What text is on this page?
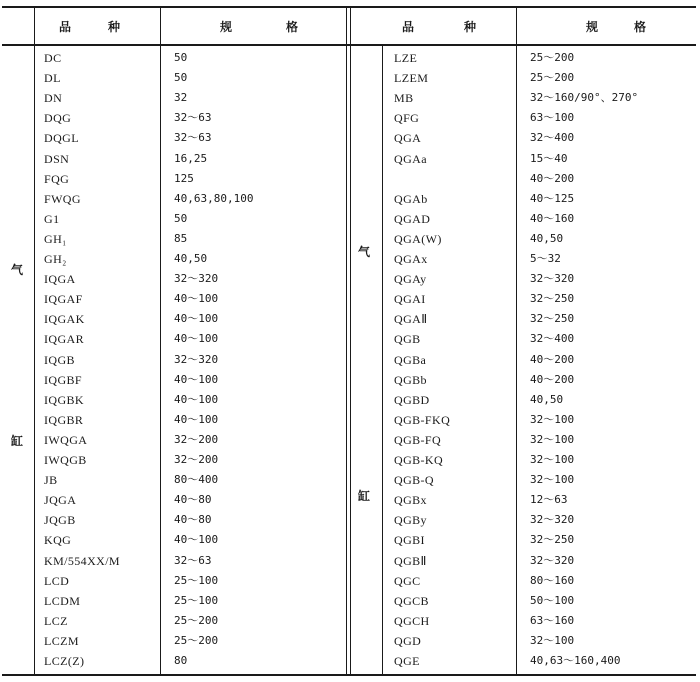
品	种	规	格	品	种	规	格
气
缸
气
缸
DC	50
DL	50
DN	32
DQG	32～63
DQGL	32～63
DSN	16,25
FQG	125
FWQG	40,63,80,100
G1	50
GH₁	85
GH₂	40,50
IQGA	32～320
IQGAF	40～100
IQGAK	40～100
IQGAR	40～100
IQGB	32～320
IQGBF	40～100
IQGBK	40～100
IQGBR	40～100
IWQGA	32～200
IWQGB	32～200
JB	80～400
JQGA	40～80
JQGB	40～80
KQG	40～100
KM/554XX/M	32～63
LCD	25～100
LCDM	25～100
LCZ	25～200
LCZM	25～200
LCZ(Z)	80
LZE	25～200
LZEM	25～200
MB	32～160/90°、270°
QFG	63～100
QGA	32～400
QGAa	15～40
40～200
QGAb	40～125
QGAD	40～160
QGA(W)	40,50
QGAx	5～32
QGAy	32～320
QGAI	32～250
QGAⅡ	32～250
QGB	32～400
QGBa	40～200
QGBb	40～200
QGBD	40,50
QGB-FKQ	32～100
QGB-FQ	32～100
QGB-KQ	32～100
QGB-Q	32～100
QGBx	12～63
QGBy	32～320
QGBI	32～250
QGBⅡ	32～320
QGC	80～160
QGCB	50～100
QGCH	63～160
QGD	32～100
QGE	40,63～160,400
